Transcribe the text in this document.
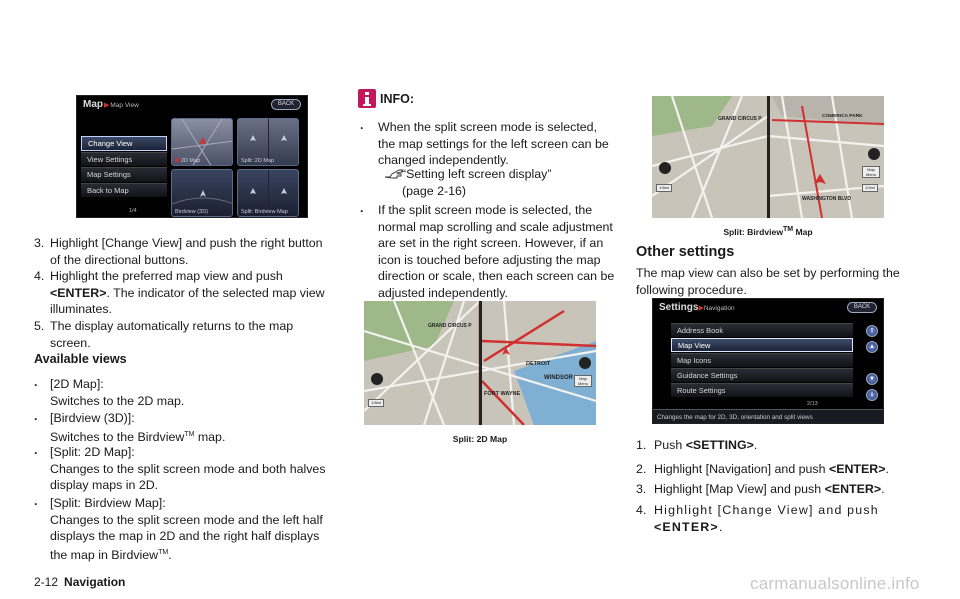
Map▶Map View	BACK
2D Map	Split: 2D Map
Birdview (3D)	Split: Birdview Map
Change View
View Settings
Map Settings
Back to Map
1/4
3. Highlight [Change View] and push the right button of the directional buttons.
4. Highlight the preferred map view and push <ENTER>. The indicator of the selected map view illuminates.
5. The display automatically returns to the map screen.
Available views
.	[2D Map]:
Switches to the 2D map.
.	[Birdview (3D)]:
Switches to the Birdview™ map.
.	[Split: 2D Map]:
Changes to the split screen mode and both halves display maps in 2D.
.	[Split: Birdview Map]:
Changes to the split screen mode and the left half displays the map in 2D and the right half displays the map in Birdview™.
INFO:
.	When the split screen mode is selected, the map settings for the left screen can be changed independently.
“Setting left screen display”
(page 2-16)
.	If the split screen mode is selected, the normal map scrolling and scale adjustment are set in the right screen. However, if an icon is touched before adjusting the map direction or scale, then each screen can be adjusted independently.
GRAND CIRCUS P
DETROIT
WINDSOR
FORT WAYNE
Map Menu
1/8mi
Split: 2D Map
GRAND CIRCUS P	COMERICA PARK
WASHINGTON BLVD
Map Menu
1/8mi	1/4mi
Split: Birdview™ Map
Other settings
The map view can also be set by performing the following procedure.
Settings▶Navigation	BACK
Address Book
Map View
Map Icons
Guidance Settings
Route Settings
⇑
▲
▼
⇓
2/13
Changes the map for 2D, 3D, orientation and split views
1. Push <SETTING>.
2. Highlight [Navigation] and push <ENTER>.
3. Highlight [Map View] and push <ENTER>.
4. Highlight [Change View] and push <ENTER>.
2-12 Navigation	carmanualsonline.info
